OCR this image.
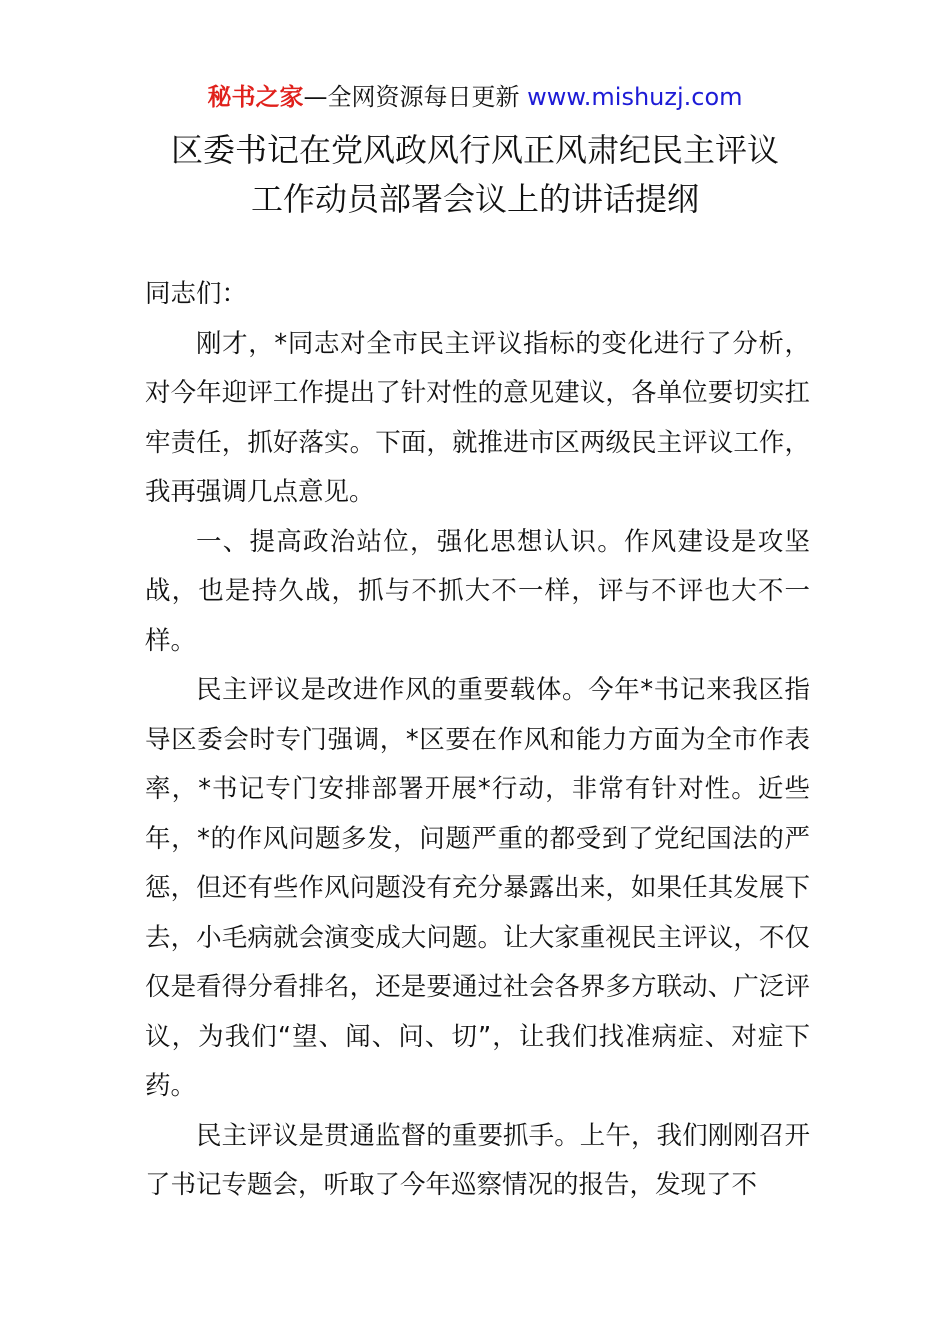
秘书之家—全网资源每日更新 www.mishuzj.com
区委书记在党风政风行风正风肃纪民主评议
工作动员部署会议上的讲话提纲

同志们：

刚才，*同志对全市民主评议指标的变化进行了分析，对今年迎评工作提出了针对性的意见建议，各单位要切实扛牢责任，抓好落实。下面，就推进市区两级民主评议工作，我再强调几点意见。

一、提高政治站位，强化思想认识。作风建设是攻坚战，也是持久战，抓与不抓大不一样，评与不评也大不一样。

民主评议是改进作风的重要载体。今年*书记来我区指导区委会时专门强调，*区要在作风和能力方面为全市作表率，*书记专门安排部署开展*行动，非常有针对性。近些年，*的作风问题多发，问题严重的都受到了党纪国法的严惩，但还有些作风问题没有充分暴露出来，如果任其发展下去，小毛病就会演变成大问题。让大家重视民主评议，不仅仅是看得分看排名，还是要通过社会各界多方联动、广泛评议，为我们“望、闻、问、切”，让我们找准病症、对症下药。

民主评议是贯通监督的重要抓手。上午，我们刚刚召开了书记专题会，听取了今年巡察情况的报告，发现了不
